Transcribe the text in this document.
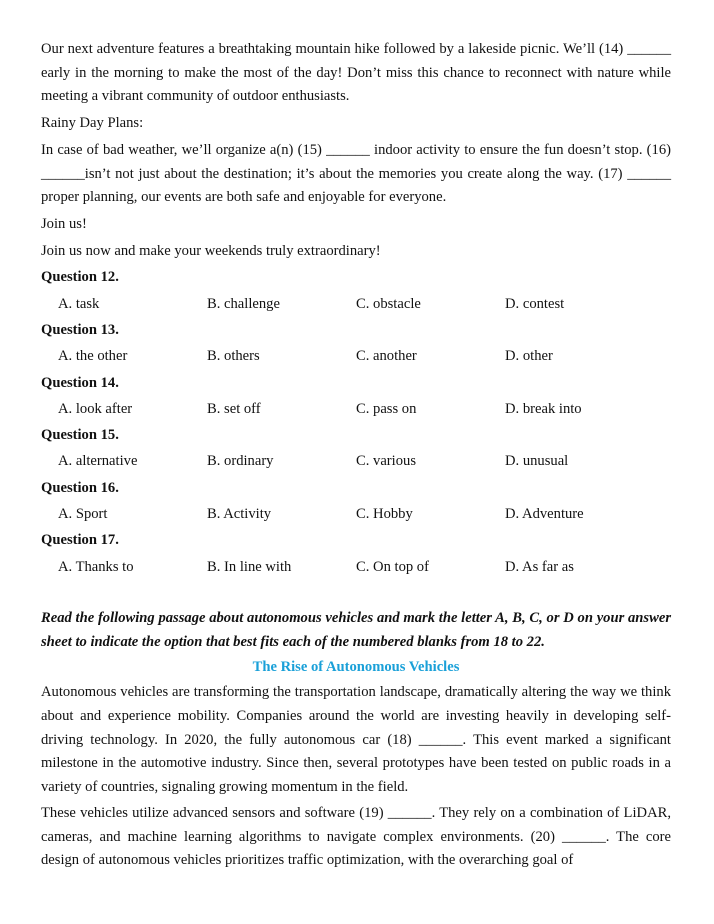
Our next adventure features a breathtaking mountain hike followed by a lakeside picnic. We’ll (14) ______ early in the morning to make the most of the day! Don’t miss this chance to reconnect with nature while meeting a vibrant community of outdoor enthusiasts.

Rainy Day Plans:

In case of bad weather, we’ll organize a(n) (15) ______ indoor activity to ensure the fun doesn’t stop. (16) ______isn’t not just about the destination; it’s about the memories you create along the way. (17) ______ proper planning, our events are both safe and enjoyable for everyone.

Join us!

Join us now and make your weekends truly extraordinary!

Question 12.
A. task	B. challenge	C. obstacle	D. contest
Question 13.
A. the other	B. others	C. another	D. other
Question 14.
A. look after	B. set off	C. pass on	D. break into
Question 15.
A. alternative	B. ordinary	C. various	D. unusual
Question 16.
A. Sport	B. Activity	C. Hobby	D. Adventure
Question 17.
A. Thanks to	B. In line with	C. On top of	D. As far as

Read the following passage about autonomous vehicles and mark the letter A, B, C, or D on your answer sheet to indicate the option that best fits each of the numbered blanks from 18 to 22.

The Rise of Autonomous Vehicles

Autonomous vehicles are transforming the transportation landscape, dramatically altering the way we think about and experience mobility. Companies around the world are investing heavily in developing self-driving technology. In 2020, the fully autonomous car (18) ______. This event marked a significant milestone in the automotive industry. Since then, several prototypes have been tested on public roads in a variety of countries, signaling growing momentum in the field.

These vehicles utilize advanced sensors and software (19) ______. They rely on a combination of LiDAR, cameras, and machine learning algorithms to navigate complex environments. (20) ______. The core design of autonomous vehicles prioritizes traffic optimization, with the overarching goal of
